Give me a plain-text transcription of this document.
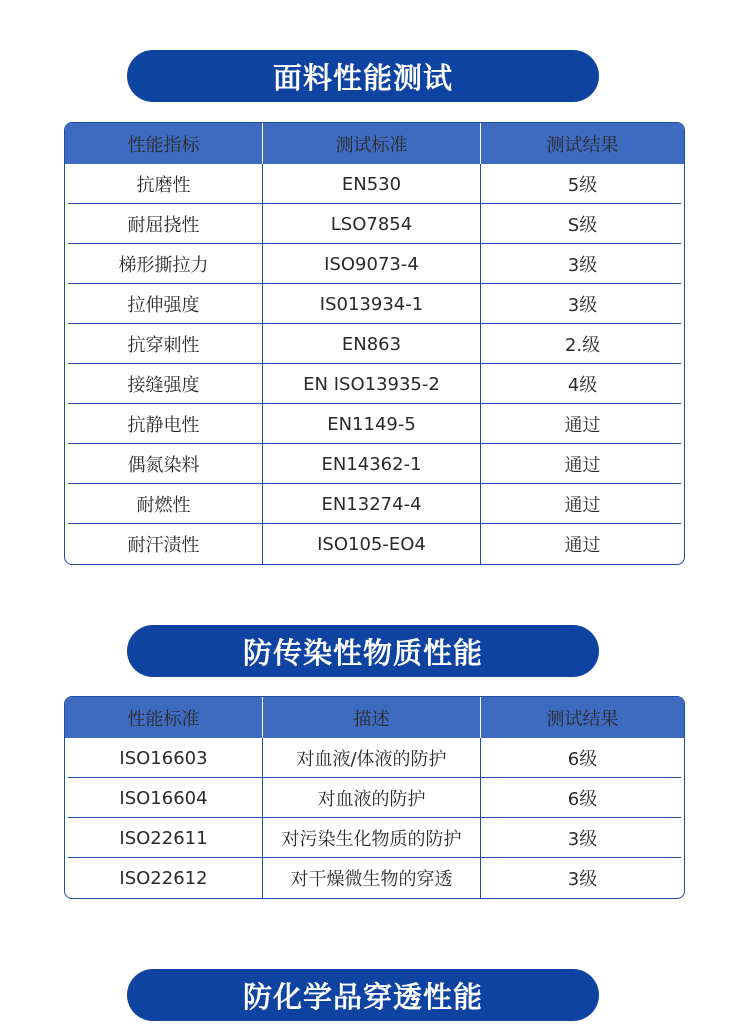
面料性能测试
性能指标	测试标准	测试结果
抗磨性	EN530	5级
耐屈挠性	LSO7854	S级
梯形撕拉力	ISO9073-4	3级
拉伸强度	IS013934-1	3级
抗穿刺性	EN863	2.级
接缝强度	EN ISO13935-2	4级
抗静电性	EN1149-5	通过
偶氮染料	EN14362-1	通过
耐燃性	EN13274-4	通过
耐汗渍性	ISO105-EO4	通过
防传染性物质性能
性能标准	描述	测试结果
ISO16603	对血液/体液的防护	6级
ISO16604	对血液的防护	6级
ISO22611	对污染生化物质的防护	3级
ISO22612	对干燥微生物的穿透	3级
防化学品穿透性能
